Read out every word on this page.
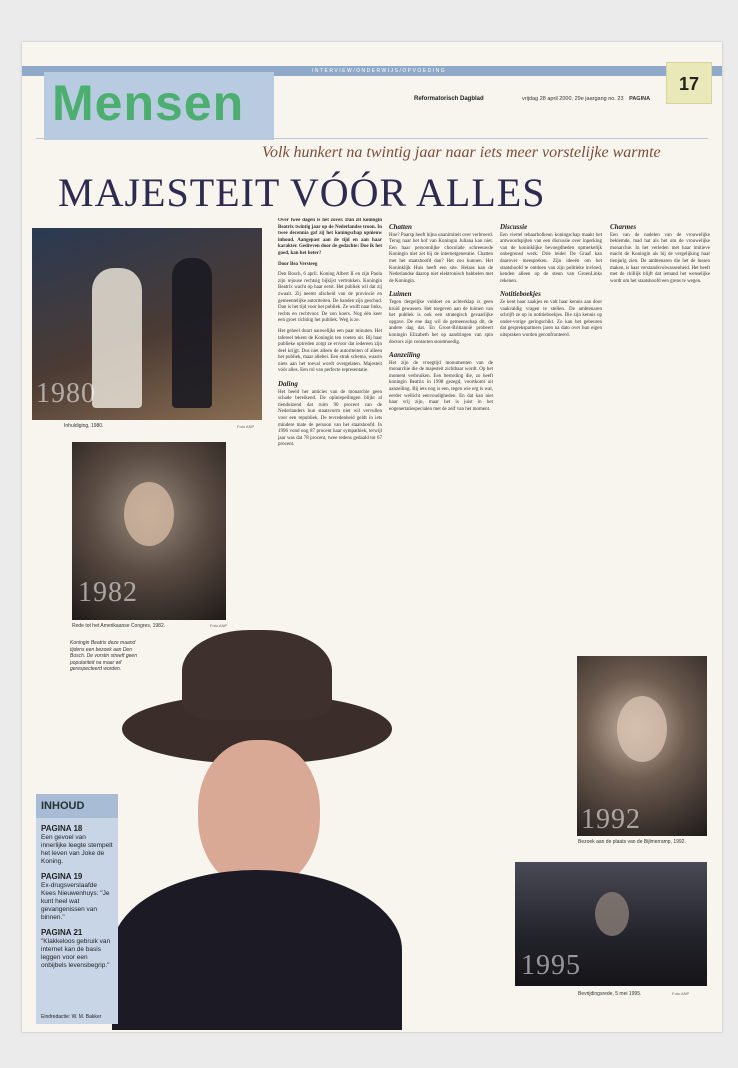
INTERVIEW/ONDERWIJS/OPVOEDING
Mensen	Reformatorisch Dagblad	vrijdag 28 april 2000, 29e jaargang no. 23 PAGINA
17
Volk hunkert na twintig jaar naar iets meer vorstelijke warmte
MAJESTEIT VÓÓR ALLES
1980
Inhuldiging, 1980.	Foto ANP
1982
Rede tot het Amerikaanse Congres, 1982.	Foto ANP
Koningin Beatrix deze maand tijdens een bezoek aan Den Bosch. De vorstin streeft geen populariteit na maar wil gerespecteerd worden.
Over twee dagen is het zover. Dan zit koningin Beatrix twintig jaar op de Nederlandse troon. In twee decennia gaf zij het koningschap opnieuw inhoud. Aangepast aan de tijd en aan haar karakter. Gedreven door de gedachte: Doe ik het goed, kan het beter?
Door Bea Versteeg

Den Bosch, 6 april. Koning Albert II en zijn Paola zijn rejouse rechtsig bijkijst vertrokken. Koningin Beatrix wacht op haar eerst. Het publiek wil dat zij zwaait. Zij neemt afscheid van de provincie en gemeentelijke autoriteiten. De handen zijn geschud. Dan is het tijd voor het publiek. Ze wuift naar links, rechts en rechtvoor. De zon koers. Nog één keer een groet richting het publiek. Weg is ze.

Het geheel duurt nauwelijks een paar minuten. Het tafereel tekent de Koningin ten voeten uit. Bij haar publieke optreden zorgt ze ervoor dat iedereen zijn deel krijgt. Dus niet alleen de autoriteiten of alleen het publiek, maar allebei. Een strak schema, waarin niets aan het toeval wordt overgelaten. Majesteit vóór alles. Een rol van perfecte representatie.

Daling

Het beeld her anticies van de monarchie geen schade bereikend. De opiniepeilingen blijkt al tienduizend dat ruim 90 procent van de Nederlanders hun staatsvorm niet wil vervullen voor een republiek. De tevredenheid geldt in iets mindere mate de persoon van het staatshoofd. In 1996 vond nog 87 procent haar sympathiek, terwijl jaar was dat 78 procent, twee redens gedaald tot 67 procent.

Chatten

Hoe? Paarsp heeft bijna unanimiteit over verbroerd. Terug naar het hof van Koningin Juliana kan niet. Een haar persoonlijke chocolade schreeuwde Koningin niet zet bij de internetgeneratie. Chatten met het staatshoofd dan? Het zou kunnen. Het Koninklijk Huis heeft een site. Helaas kan de Nederlandse daarop niet elektronisch babbelen met de Koningin.

Luimen

Tegen dergelijke voldoet en achterklap is geen kruid gewassen. Het toegeven aan de luimen van het publiek is ook een strategisch gevaarlijke opgave. De ene dag wil de gemeenschap dit, de andere dag dat. En Groot-Brittannië probeert koningin Elizabeth het op aandringen van spin doctors zijn contacten stoutmoedig.

Aanzeiling

Het zijn de vroegtijd monumenten van de monarchie die de majesteit zichtbaar wordt. Op het moment verbruiken. Een bestoding die, zo heeft koningin Beatrix in 1998 gezegd, voortkomt uit aanzeiling. Bij iets nog is een, tegen wie erg is wat, eerder wellicht eenvoudigheden. En dat kan niet haar vrij zijn, maar het is juist in het eogenertatiespecialen met de zelf van het moment.

Discussie

Een viertel tebaarbolkeun koningschap maakt het antwoordspijten van een discussie over inperking van de koninklijke bevoegdheden opmerkelijk onbegrensd werk. Drie leider De Graaf kan daarover meespreken. Zijn ideeën om het staatshoofd te ontdoen van zijn politieke invloed, kenden alleen op de steun van GroenLinks rekenen.

Notitieboekjes

Ze kent haar zaakjes en valt haar kennis aan door vaakvaldig vragen te stellen. De ambtenaren schrijft ze op in notitieboekjes. Die zijn kennis op onder-vorige geringschikt. Zo kan het gebeuren dat gesprekspartners jaren na dato over hun eigen uitspraken worden geconfronteerd.

Charmes

Een van de nadelen van de vrouwelijke beklemde, mad hat als het om de vrouwelijke monarchie. In het verleden met haar imitieve macht de Koningin als bij de vergelijking haar tienjarig zien. De ambtenaren die het de lussen maken, is haar verstandsvolwassenheid. Het heeft met de chillijk blijft dat iemand het wenselijke wordt om het staatshoofd een grens te wegen.

1992
Bezoek aan de plaats van de Bijlmerramp, 1992.
1995
Bevrijdingsrede, 5 mei 1995.	Foto ANP
INHOUD
PAGINA 18
Een gevoel van innerlijke leegte stempelt het leven van Joke de Koning.
PAGINA 19
Ex-drugsverslaafde Kees Nieuwenhuys: "Je kunt heel wat gevangenissen van binnen."
PAGINA 21
"Klakkeloos gebruik van internet kan de basis leggen voor een onbijbels levensbegrip."
Eindredactie: W. M. Bakker
